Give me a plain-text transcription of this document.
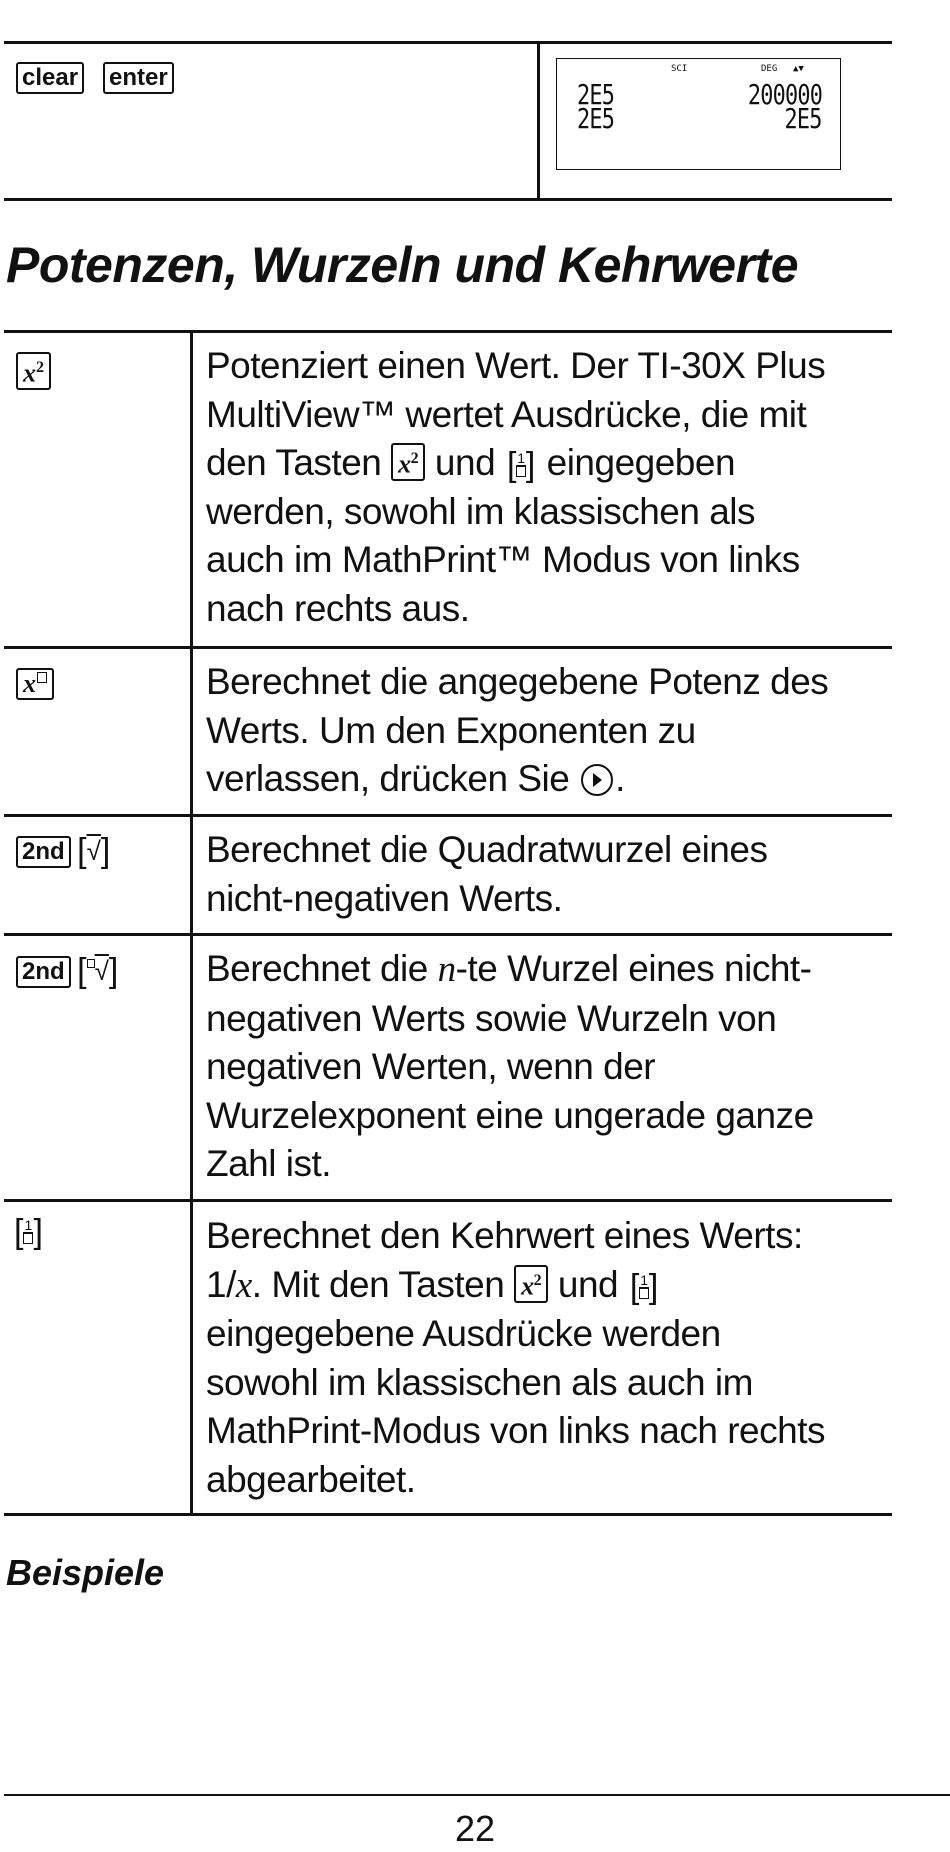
clear enter	SCI	DEG ▲▼
2E5	200000
2E5	2E5
Potenzen, Wurzeln und Kehrwerte
$x^2$	Potenziert einen Wert. Der TI-30X Plus
MultiView™ wertet Ausdrücke, die mit
den Tasten $x^2$ und [ 1 ] eingegeben
werden, sowohl im klassischen als
auch im MathPrint™ Modus von links
nach rechts aus.
x	Berechnet die angegebene Potenz des
Werts. Um den Exponenten zu
verlassen, drücken Sie .
2nd [√]	Berechnet die Quadratwurzel eines
nicht-negativen Werts.
2nd [ √] Berechnet die n-te Wurzel eines nicht-
negativen Werts sowie Wurzeln von
negativen Werten, wenn der
Wurzelexponent eine ungerade ganze
Zahl ist.
[ 1 ]	Berechnet den Kehrwert eines Werts:
1/x. Mit den Tasten $x^2$ und [ 1 ]
eingegebene Ausdrücke werden
sowohl im klassischen als auch im
MathPrint-Modus von links nach rechts
abgearbeitet.
Beispiele
22
